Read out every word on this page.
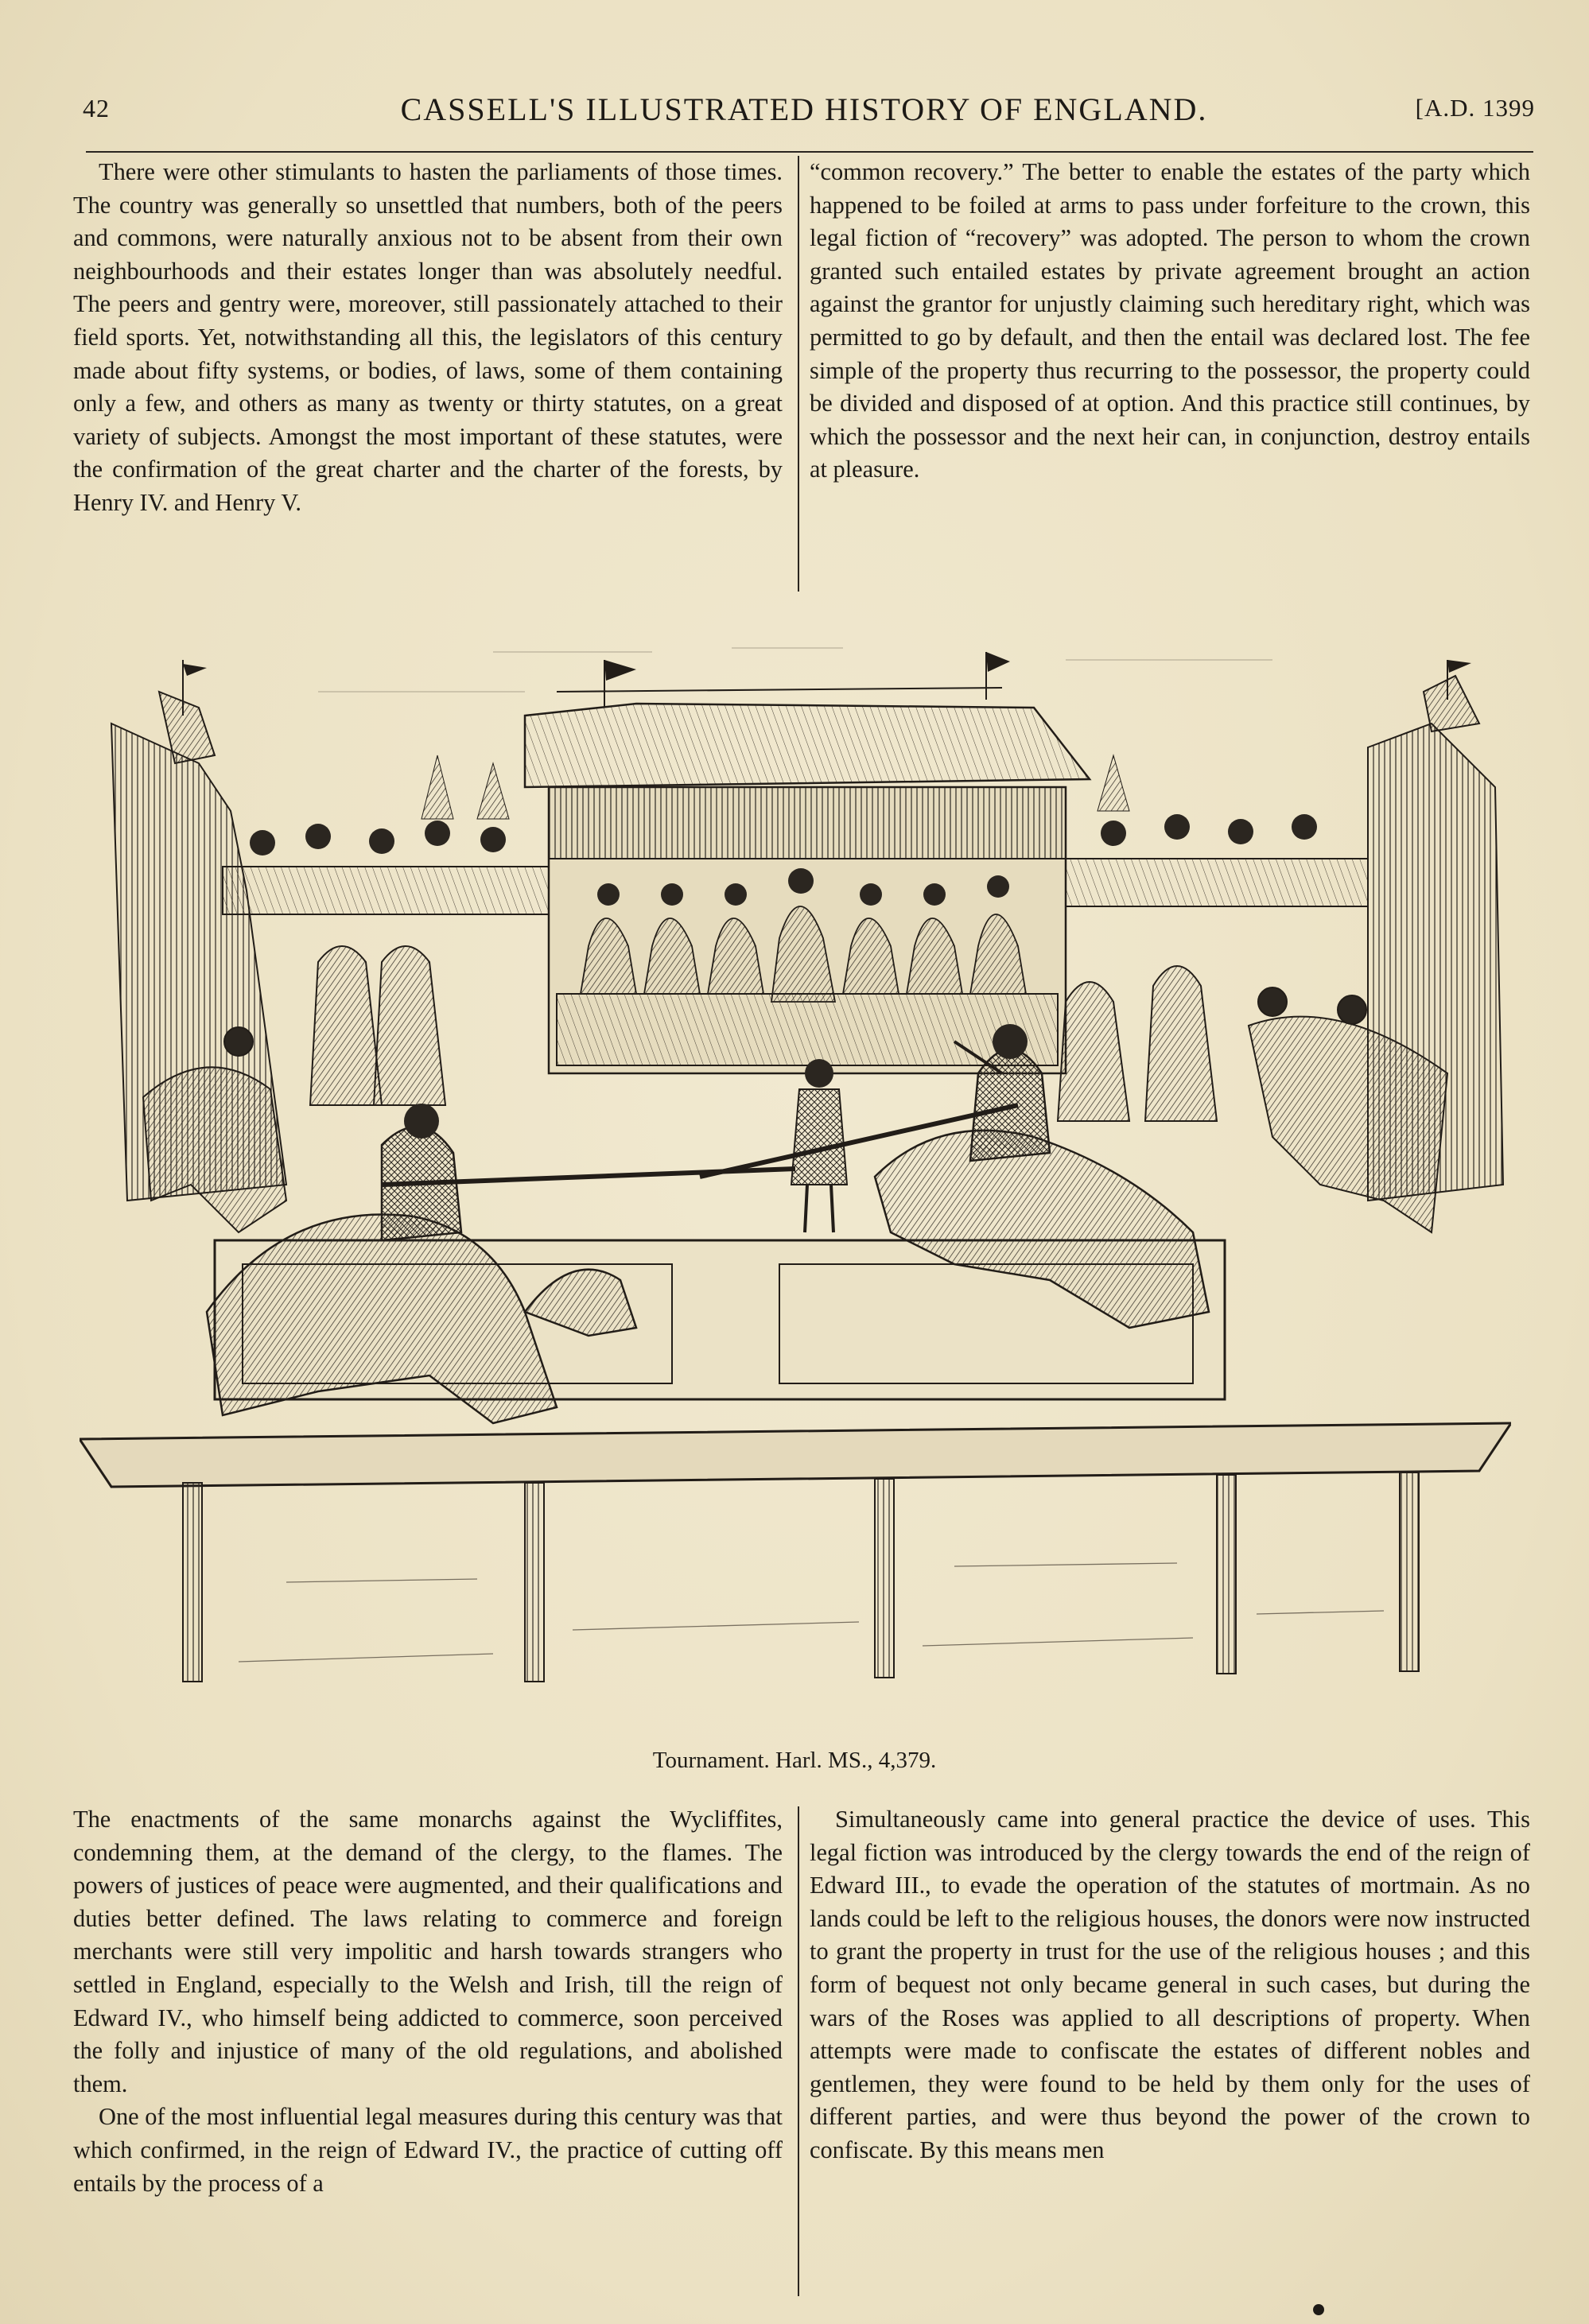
42	CASSELL'S ILLUSTRATED HISTORY OF ENGLAND.	[A.D. 1399

There were other stimulants to hasten the parliaments of those times. The country was generally so unsettled that numbers, both of the peers and commons, were naturally anxious not to be absent from their own neighbourhoods and their estates longer than was absolutely needful. The peers and gentry were, moreover, still passionately attached to their field sports. Yet, notwithstanding all this, the legislators of this century made about fifty systems, or bodies, of laws, some of them containing only a few, and others as many as twenty or thirty statutes, on a great variety of subjects. Amongst the most important of these statutes, were the confirmation of the great charter and the charter of the forests, by Henry IV. and Henry V.

“common recovery.” The better to enable the estates of the party which happened to be foiled at arms to pass under forfeiture to the crown, this legal fiction of “recovery” was adopted. The person to whom the crown granted such entailed estates by private agreement brought an action against the grantor for unjustly claiming such hereditary right, which was permitted to go by default, and then the entail was declared lost. The fee simple of the property thus recurring to the possessor, the property could be divided and disposed of at option. And this practice still continues, by which the possessor and the next heir can, in conjunction, destroy entails at pleasure.

Tournament. Harl. MS., 4,379.

The enactments of the same monarchs against the Wycliffites, condemning them, at the demand of the clergy, to the flames. The powers of justices of peace were augmented, and their qualifications and duties better defined. The laws relating to commerce and foreign merchants were still very impolitic and harsh towards strangers who settled in England, especially to the Welsh and Irish, till the reign of Edward IV., who himself being addicted to commerce, soon perceived the folly and injustice of many of the old regulations, and abolished them.

One of the most influential legal measures during this century was that which confirmed, in the reign of Edward IV., the practice of cutting off entails by the process of a

Simultaneously came into general practice the device of uses. This legal fiction was introduced by the clergy towards the end of the reign of Edward III., to evade the operation of the statutes of mortmain. As no lands could be left to the religious houses, the donors were now instructed to grant the property in trust for the use of the religious houses ; and this form of bequest not only became general in such cases, but during the wars of the Roses was applied to all descriptions of property. When attempts were made to confiscate the estates of different nobles and gentlemen, they were found to be held by them only for the uses of different parties, and were thus beyond the power of the crown to confiscate. By this means men
